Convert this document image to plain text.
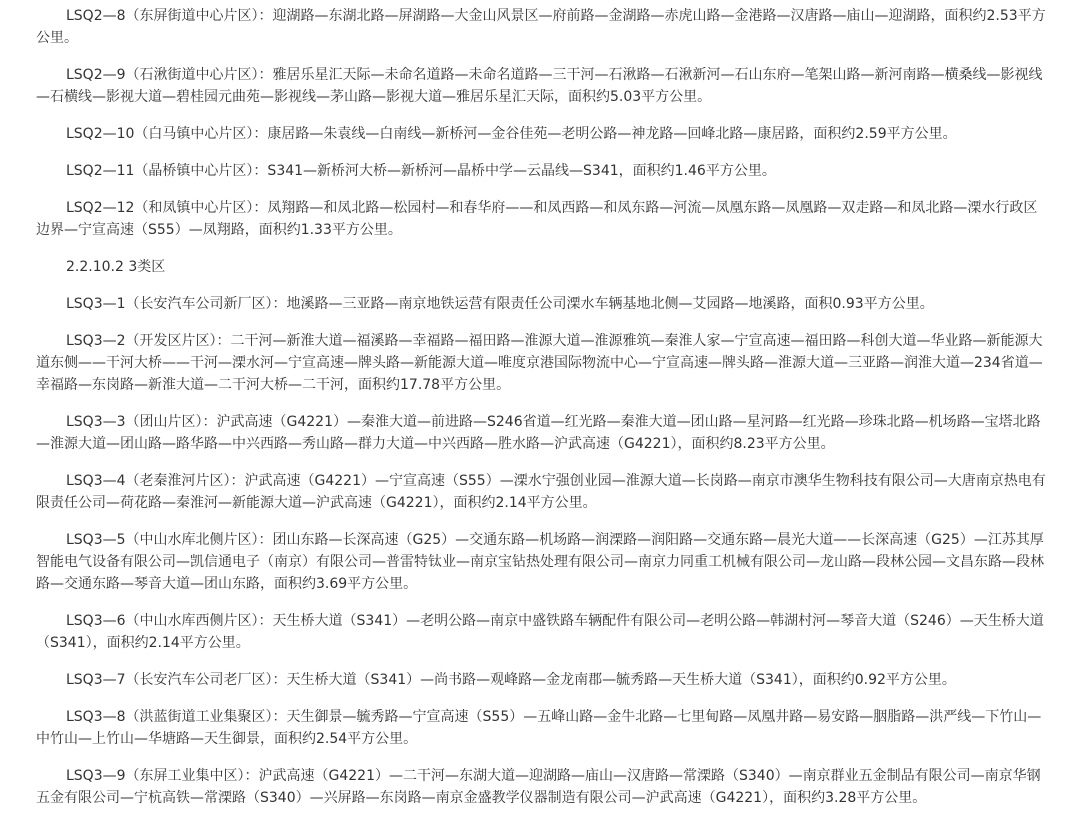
LSQ2—8（东屏街道中心片区）：迎湖路—东湖北路—屏湖路—大金山风景区—府前路—金湖路—赤虎山路—金港路—汉唐路—庙山—迎湖路，面积约2.53平方公里。

LSQ2—9（石湫街道中心片区）：雅居乐星汇天际—未命名道路—未命名道路—三干河—石湫路—石湫新河—石山东府—笔架山路—新河南路—横桑线—影视线—石横线—影视大道—碧桂园元曲苑—影视线—茅山路—影视大道—雅居乐星汇天际，面积约5.03平方公里。

LSQ2—10（白马镇中心片区）：康居路—朱袁线—白南线—新桥河—金谷佳苑—老明公路—神龙路—回峰北路—康居路，面积约2.59平方公里。

LSQ2—11（晶桥镇中心片区）：S341—新桥河大桥—新桥河—晶桥中学—云晶线—S341，面积约1.46平方公里。

LSQ2—12（和凤镇中心片区）：凤翔路—和凤北路—松园村—和春华府——和凤西路—和凤东路—河流—凤凰东路—凤凰路—双走路—和凤北路—溧水行政区边界—宁宣高速（S55）—凤翔路，面积约1.33平方公里。

2.2.10.2 3类区

LSQ3—1（长安汽车公司新厂区）：地溪路—三亚路—南京地铁运营有限责任公司溧水车辆基地北侧—艾园路—地溪路，面积0.93平方公里。

LSQ3—2（开发区片区）：二干河—新淮大道—福溪路—幸福路—福田路—淮源大道—淮源雅筑—秦淮人家—宁宣高速—福田路—科创大道—华业路—新能源大道东侧——干河大桥——干河—溧水河—宁宣高速—牌头路—新能源大道—唯度京港国际物流中心—宁宣高速—牌头路—淮源大道—三亚路—润淮大道—234省道—幸福路—东岗路—新淮大道—二干河大桥—二干河，面积约17.78平方公里。

LSQ3—3（团山片区）：沪武高速（G4221）—秦淮大道—前进路—S246省道—红光路—秦淮大道—团山路—星河路—红光路—珍珠北路—机场路—宝塔北路—淮源大道—团山路—路华路—中兴西路—秀山路—群力大道—中兴西路—胜水路—沪武高速（G4221），面积约8.23平方公里。

LSQ3—4（老秦淮河片区）：沪武高速（G4221）—宁宣高速（S55）—溧水宁强创业园—淮源大道—长岗路—南京市澳华生物科技有限公司—大唐南京热电有限责任公司—荷花路—秦淮河—新能源大道—沪武高速（G4221），面积约2.14平方公里。

LSQ3—5（中山水库北侧片区）：团山东路—长深高速（G25）—交通东路—机场路—润溧路—润阳路—交通东路—晨光大道——长深高速（G25）—江苏其厚智能电气设备有限公司—凯信通电子（南京）有限公司—普雷特钛业—南京宝钻热处理有限公司—南京力同重工机械有限公司—龙山路—段林公园—文昌东路—段林路—交通东路—琴音大道—团山东路，面积约3.69平方公里。

LSQ3—6（中山水库西侧片区）：天生桥大道（S341）—老明公路—南京中盛铁路车辆配件有限公司—老明公路—韩湖村河—琴音大道（S246）—天生桥大道（S341），面积约2.14平方公里。

LSQ3—7（长安汽车公司老厂区）：天生桥大道（S341）—尚书路—观峰路—金龙南郡—毓秀路—天生桥大道（S341），面积约0.92平方公里。

LSQ3—8（洪蓝街道工业集聚区）：天生御景—毓秀路—宁宣高速（S55）—五峰山路—金牛北路—七里甸路—凤凰井路—易安路—胭脂路—洪严线—下竹山—中竹山—上竹山—华塘路—天生御景，面积约2.54平方公里。

LSQ3—9（东屏工业集中区）：沪武高速（G4221）—二干河—东湖大道—迎湖路—庙山—汉唐路—常溧路（S340）—南京群业五金制品有限公司—南京华钢五金有限公司—宁杭高铁—常溧路（S340）—兴屏路—东岗路—南京金盛教学仪器制造有限公司—沪武高速（G4221），面积约3.28平方公里。
